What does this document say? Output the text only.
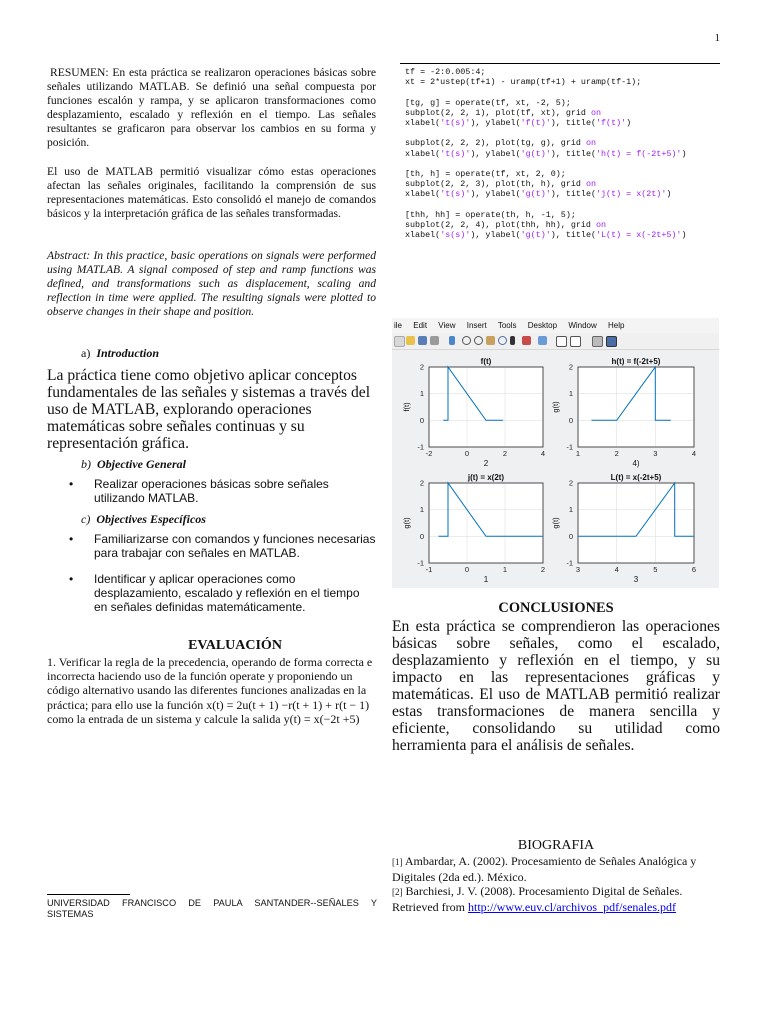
1
RESUMEN: En esta práctica se realizaron operaciones básicas sobre señales utilizando MATLAB. Se definió una señal compuesta por funciones escalón y rampa, y se aplicaron transformaciones como desplazamiento, escalado y reflexión en el tiempo. Las señales resultantes se graficaron para observar los cambios en su forma y posición.
El uso de MATLAB permitió visualizar cómo estas operaciones afectan las señales originales, facilitando la comprensión de sus representaciones matemáticas. Esto consolidó el manejo de comandos básicos y la interpretación gráfica de las señales transformadas.
Abstract: In this practice, basic operations on signals were performed using MATLAB. A signal composed of step and ramp functions was defined, and transformations such as displacement, scaling and reflection in time were applied. The resulting signals were plotted to observe changes in their shape and position.
a) Introduction
La práctica tiene como objetivo aplicar conceptos fundamentales de las señales y sistemas a través del uso de MATLAB, explorando operaciones matemáticas sobre señales continuas y su representación gráfica.
b) Objective General
• Realizar operaciones básicas sobre señales utilizando MATLAB.
c) Objectives Específicos
• Familiarizarse con comandos y funciones necesarias para trabajar con señales en MATLAB.
• Identificar y aplicar operaciones como desplazamiento, escalado y reflexión en el tiempo en señales definidas matemáticamente.
EVALUACIÓN
1. Verificar la regla de la precedencia, operando de forma correcta e incorrecta haciendo uso de la función operate y proponiendo un código alternativo usando las diferentes funciones analizadas en la práctica; para ello use la función x(t) = 2u(t + 1) −r(t + 1) + r(t − 1) como la entrada de un sistema y calcule la salida y(t) = x(−2t +5)
UNIVERSIDAD FRANCISCO DE PAULA SANTANDER--SEÑALES Y SISTEMAS
tf = -2:0.005:4;
xt = 2*ustep(tf+1) - uramp(tf+1) + uramp(tf-1);

[tg, g] = operate(tf, xt, -2, 5);
subplot(2, 2, 1), plot(tf, xt), grid on
xlabel('t(s)'), ylabel('f(t)'), title('f(t)')

subplot(2, 2, 2), plot(tg, g), grid on
xlabel('t(s)'), ylabel('g(t)'), title('h(t) = f(-2t+5)')

[th, h] = operate(tf, xt, 2, 0);
subplot(2, 2, 3), plot(th, h), grid on
xlabel('t(s)'), ylabel('g(t)'), title('j(t) = x(2t)')

[thh, hh] = operate(th, h, -1, 5);
subplot(2, 2, 4), plot(thh, hh), grid on
xlabel('s(s)'), ylabel('g(t)'), title('L(t) = x(-2t+5)')
ile Edit View Insert Tools Desktop Window Help
-2	0	2	4
-1
0
1
2
f(t)
f(t)
2
1	2	3	4
-1
0
1
2
h(t) = f(-2t+5)
g(t)
4)
-1	0	1	2
-1
0
1
2
j(t) = x(2t)
g(t)
1
3	4	5	6
-1
0
1
2
L(t) = x(-2t+5)
g(t)
3
CONCLUSIONES
En esta práctica se comprendieron las operaciones básicas sobre señales, como el escalado, desplazamiento y reflexión en el tiempo, y su impacto en las representaciones gráficas y matemáticas. El uso de MATLAB permitió realizar estas transformaciones de manera sencilla y eficiente, consolidando su utilidad como herramienta para el análisis de señales.
BIOGRAFIA
[1] Ambardar, A. (2002). Procesamiento de Señales Analógica y Digitales (2da ed.). México.
[2] Barchiesi, J. V. (2008). Procesamiento Digital de Señales. Retrieved from http://www.euv.cl/archivos_pdf/senales.pdf
